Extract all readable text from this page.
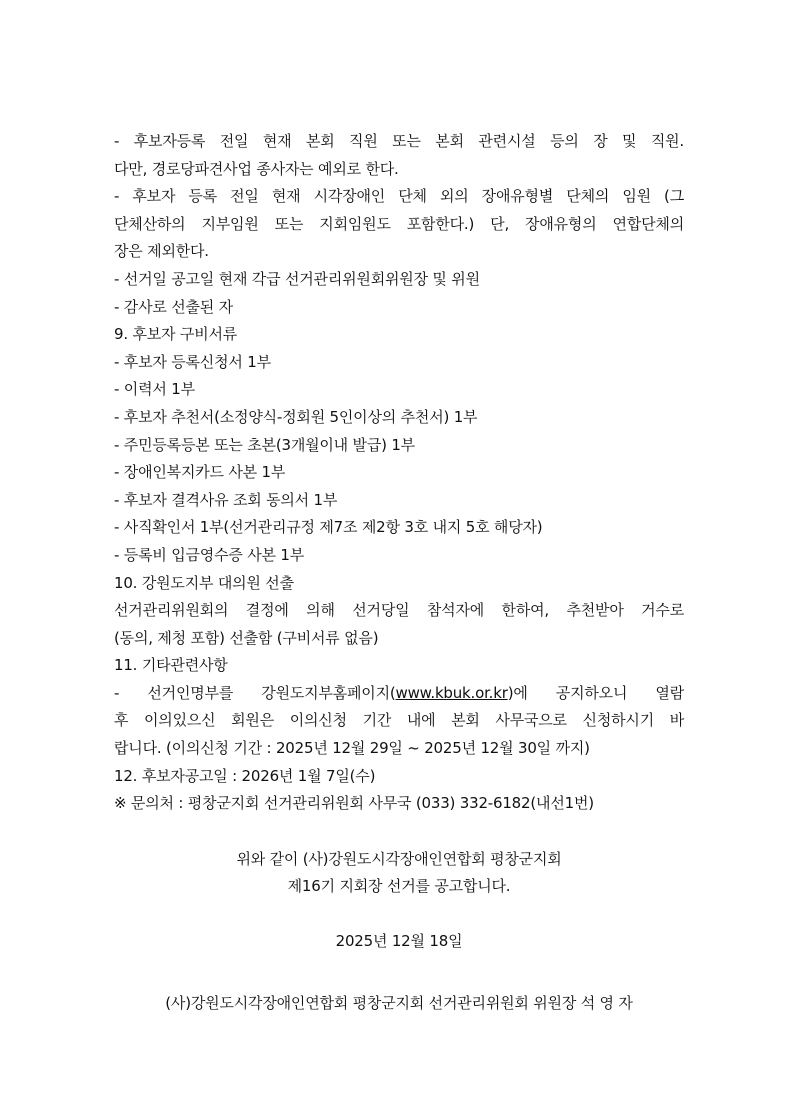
- 후보자등록 전일 현재 본회 직원 또는 본회 관련시설 등의 장 및 직원.
다만, 경로당파견사업 종사자는 예외로 한다.
- 후보자 등록 전일 현재 시각장애인 단체 외의 장애유형별 단체의 임원 (그
단체산하의 지부임원 또는 지회임원도 포함한다.) 단, 장애유형의 연합단체의
장은 제외한다.
- 선거일 공고일 현재 각급 선거관리위원회위원장 및 위원
- 감사로 선출된 자
9. 후보자 구비서류
- 후보자 등록신청서 1부
- 이력서 1부
- 후보자 추천서(소정양식-정회원 5인이상의 추천서) 1부
- 주민등록등본 또는 초본(3개월이내 발급) 1부
- 장애인복지카드 사본 1부
- 후보자 결격사유 조회 동의서 1부
- 사직확인서 1부(선거관리규정 제7조 제2항 3호 내지 5호 해당자)
- 등록비 입금영수증 사본 1부
10. 강원도지부 대의원 선출
선거관리위원회의 결정에 의해 선거당일 참석자에 한하여, 추천받아 거수로
(동의, 제청 포함) 선출함 (구비서류 없음)
11. 기타관련사항
- 선거인명부를 강원도지부홈페이지(www.kbuk.or.kr)에 공지하오니 열람
후 이의있으신 회원은 이의신청 기간 내에 본회 사무국으로 신청하시기 바
랍니다. (이의신청 기간 : 2025년 12월 29일 ~ 2025년 12월 30일 까지)
12. 후보자공고일 : 2026년 1월 7일(수)
※ 문의처 : 평창군지회 선거관리위원회 사무국 (033) 332-6182(내선1번)
위와 같이 (사)강원도시각장애인연합회 평창군지회
제16기 지회장 선거를 공고합니다.
2025년 12월 18일
(사)강원도시각장애인연합회 평창군지회 선거관리위원회 위원장 석 영 자
